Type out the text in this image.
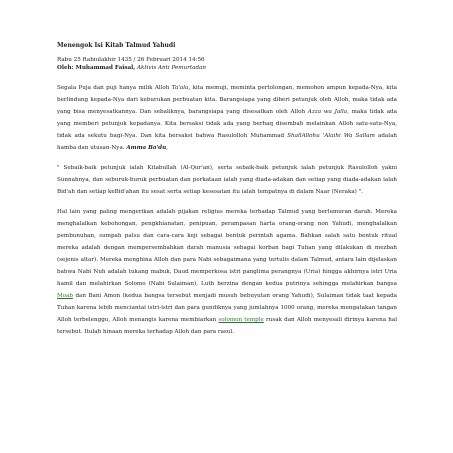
Menengok Isi Kitab Talmud Yahudi
Rabu 25 Rabiulakhir 1435 / 26 Februari 2014 14:56
Oleh: Muhammad Faisal, Aktivis Anti Pemurtadan

Segala Puja dan puji hanya milik Alloh Ta'ala, kita memuji, meminta pertolongan, memohon ampun kepada-Nya, kita berlindung kepada-Nya dari keburukan perbuatan kita. Barangsiapa yang diberi petunjuk oleh Alloh, maka tidak ada yang bisa menyesatkannya. Dan sebaliknya, barangsiapa yang disesatkan oleh Alloh Azza wa Jalla, maka tidak ada yang memberi petunjuk kepadanya. Kita bersaksi tidak ada yang berhaq disembah melainkan Alloh satu-satu-Nya, tidak ada sekutu bagi-Nya. Dan kita bersaksi bahwa Rasulolloh Muhammad ShallAllohu 'Alaihi Wa Sallam adalah hamba dan utusan-Nya. Amma Ba'du,

" Sebaik-baik petunjuk ialah Kitabullah (Al-Qur'an), serta sebaik-baik petunjuk ialah petunjuk Rasulolloh yakni Sunnahnya, dan seburuk-buruk perbuatan dan perkataan ialah yang diada-adakan dan setiap yang diada-adakan ialah Bid'ah dan setiap keBid'ahan itu sesat serta setiap kesesatan itu ialah tempatnya di dalam Naar (Neraka) ".

Hal lain yang paling mengerikan adalah pijakan religius mereka terhadap Talmud yang berlumuran darah. Mereka menghalalkan kebohongan, pengkhianatan, penipuan, perampasan harta orang-orang non Yahudi, menghalalkan pembunuhan, sumpah palsu dan cara-cara keji sebagai bentuk perintah agama. Bahkan salah satu bentuk ritual mereka adalah dengan mempersembahkan darah manusia sebagai korban bagi Tuhan yang dilakukan di mezbah (sejenis altar). Mereka menghina Alloh dan para Nabi sebagaimana yang tertulis dalam Talmud, antara lain dijelaskan bahwa Nabi Nuh adalah tukang mabuk, Daud memperkosa istri panglima perangnya (Uria) hingga akhirnya istri Uria hamil dan melahirkan Solomo (Nabi Sulaiman), Luth berzina dengan kedua putrinya sehingga melahirkan bangsa Moab dan Bani Amon (kedua bangsa tersebut menjadi musuh bebuyutan orang Yahudi), Sulaiman tidak taat kepada Tuhan karena lebih menciantai istri-istri dan para gundiknya yang jumlahnya 1000 orang, mereka mengatakan tangan Alloh terbelenggu, Alloh menangis karena membiarkan solomon temple rusak dan Alloh menyesali dirinya karena hal tersebut. Itulah hinaan mereka terhadap Alloh dan para rasul.
